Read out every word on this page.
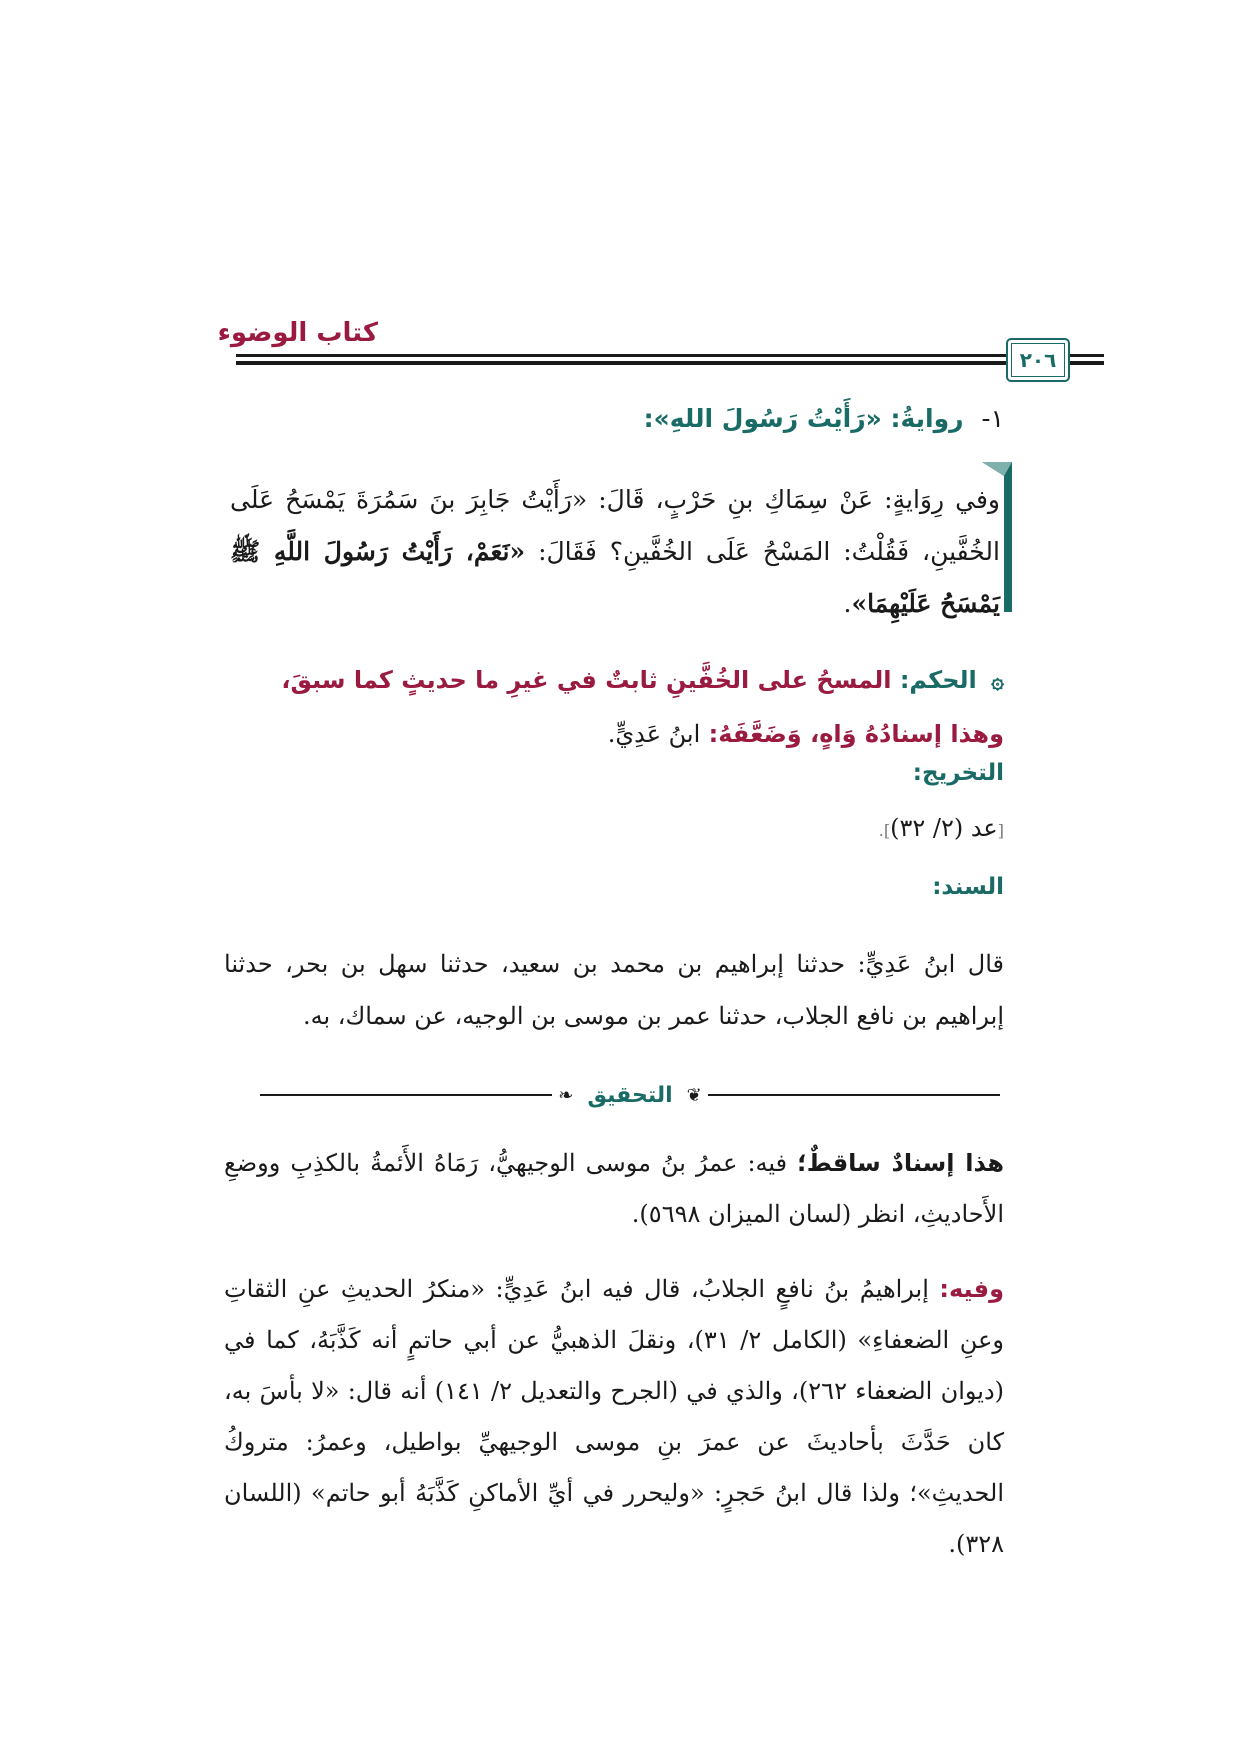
كتاب الوضوء
٢٠٦
١-روايةُ: «رَأَيْتُ رَسُولَ اللهِ»:
وفي رِوَايةٍ: عَنْ سِمَاكِ بنِ حَرْبٍ، قَالَ: «رَأَيْتُ جَابِرَ بنَ سَمُرَةَ يَمْسَحُ عَلَى الخُفَّينِ، فَقُلْتُ: المَسْحُ عَلَى الخُفَّينِ؟ فَقَالَ: «نَعَمْ، رَأَيْتُ رَسُولَ اللَّهِ ﷺ يَمْسَحُ عَلَيْهِمَا».
۞ الحكم: المسحُ على الخُفَّينِ ثابتٌ في غيرِ ما حديثٍ كما سبقَ، وهذا إسنادُهُ وَاهٍ، وَضَعَّفَهُ: ابنُ عَدِيٍّ.
التخريج:
[عد (٢/ ٣٢)].
السند:
قال ابنُ عَدِيٍّ: حدثنا إبراهيم بن محمد بن سعيد، حدثنا سهل بن بحر، حدثنا إبراهيم بن نافع الجلاب، حدثنا عمر بن موسى بن الوجيه، عن سماك، به.
❦
التحقيق
❧
هذا إسنادٌ ساقطٌ؛ فيه: عمرُ بنُ موسى الوجيهيُّ، رَمَاهُ الأَئمةُ بالكذِبِ ووضعِ الأَحاديثِ، انظر (لسان الميزان ٥٦٩٨).
وفيه: إبراهيمُ بنُ نافعٍ الجلابُ، قال فيه ابنُ عَدِيٍّ: «منكرُ الحديثِ عنِ الثقاتِ وعنِ الضعفاءِ» (الكامل ٢/ ٣١)، ونقلَ الذهبيُّ عن أبي حاتمٍ أنه كَذَّبَهُ، كما في (ديوان الضعفاء ٢٦٢)، والذي في (الجرح والتعديل ٢/ ١٤١) أنه قال: «لا بأسَ به، كان حَدَّثَ بأحاديثَ عن عمرَ بنِ موسى الوجيهيِّ بواطيل، وعمرُ: متروكُ الحديثِ»؛ ولذا قال ابنُ حَجرٍ: «وليحرر في أيِّ الأماكنِ كَذَّبَهُ أبو حاتم» (اللسان ٣٢٨).
